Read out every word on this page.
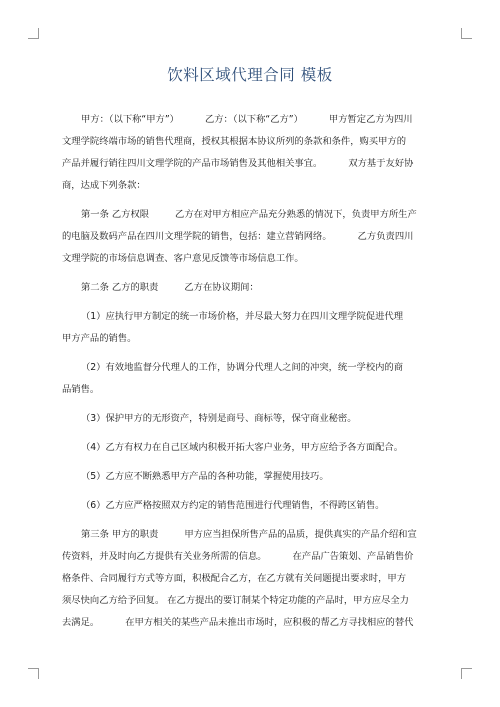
饮料区域代理合同 模板

甲方：（以下称“甲方”）	乙方：（以下称“乙方”）	甲方暂定乙方为四川

文理学院终端市场的销售代理商，授权其根据本协议所列的条款和条件，购买甲方的

产品并履行销往四川文理学院的产品市场销售及其他相关事宜。	双方基于友好协

商，达成下列条款：

第一条 乙方权限	乙方在对甲方相应产品充分熟悉的情况下，负责甲方所生产

的电脑及数码产品在四川文理学院的销售，包括：建立营销网络。	乙方负责四川

文理学院的市场信息调查、客户意见反馈等市场信息工作。

第二条 乙方的职责	乙方在协议期间：

（1）应执行甲方制定的统一市场价格，并尽最大努力在四川文理学院促进代理

甲方产品的销售。

（2）有效地监督分代理人的工作，协调分代理人之间的冲突，统一学校内的商

品销售。

（3）保护甲方的无形资产，特别是商号、商标等，保守商业秘密。

（4）乙方有权力在自己区域内积极开拓大客户业务，甲方应给予各方面配合。

（5）乙方应不断熟悉甲方产品的各种功能，掌握使用技巧。

（6）乙方应严格按照双方约定的销售范围进行代理销售，不得跨区销售。

第三条 甲方的职责	甲方应当担保所售产品的品质，提供真实的产品介绍和宣

传资料，并及时向乙方提供有关业务所需的信息。	在产品广告策划、产品销售价

格条件、合同履行方式等方面，积极配合乙方，在乙方就有关问题提出要求时，甲方

须尽快向乙方给予回复。 在乙方提出的要订制某个特定功能的产品时，甲方应尽全力

去满足。	在甲方相关的某些产品未推出市场时，应积极的帮乙方寻找相应的替代
